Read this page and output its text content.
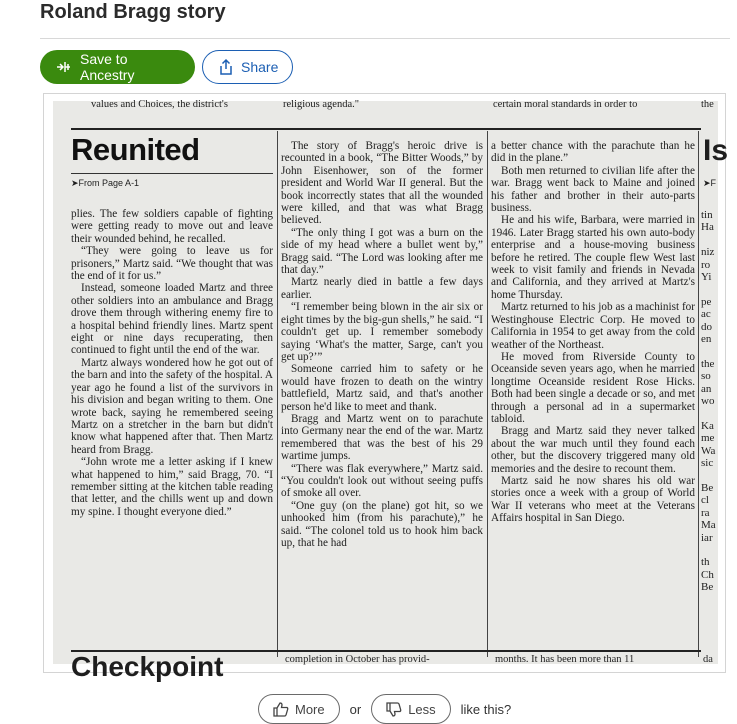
Roland Bragg story
Save to Ancestry	Share
values and Choices, the district's	religious agenda."	certain moral standards in order to	the
Reunited
➤From Page A-1
Is
➤F

plies. The few soldiers capable of fighting were getting ready to move out and leave their wounded behind, he recalled.

“They were going to leave us for prisoners,” Martz said. “We thought that was the end of it for us.”

Instead, someone loaded Martz and three other soldiers into an ambulance and Bragg drove them through withering enemy fire to a hospital behind friendly lines. Martz spent eight or nine days recuperating, then continued to fight until the end of the war.

Martz always wondered how he got out of the barn and into the safety of the hospital. A year ago he found a list of the survivors in his division and began writing to them. One wrote back, saying he remembered seeing Martz on a stretcher in the barn but didn't know what happened after that. Then Martz heard from Bragg.

“John wrote me a letter asking if I knew what happened to him,” said Bragg, 70. “I remember sitting at the kitchen table reading that letter, and the chills went up and down my spine. I thought everyone died.”

The story of Bragg's heroic drive is recounted in a book, “The Bitter Woods,” by John Eisenhower, son of the former president and World War II general. But the book incorrectly states that all the wounded were killed, and that was what Bragg believed.

“The only thing I got was a burn on the side of my head where a bullet went by,” Bragg said. “The Lord was looking after me that day.”

Martz nearly died in battle a few days earlier.

“I remember being blown in the air six or eight times by the big-gun shells,” he said. “I couldn't get up. I remember somebody saying ‘What's the matter, Sarge, can't you get up?’”

Someone carried him to safety or he would have frozen to death on the wintry battlefield, Martz said, and that's another person he'd like to meet and thank.

Bragg and Martz went on to parachute into Germany near the end of the war. Martz remembered that was the best of his 29 wartime jumps.

“There was flak everywhere,” Martz said. “You couldn't look out without seeing puffs of smoke all over.

“One guy (on the plane) got hit, so we unhooked him (from his parachute),” he said. “The colonel told us to hook him back up, that he had

a better chance with the parachute than he did in the plane.”

Both men returned to civilian life after the war. Bragg went back to Maine and joined his father and brother in their auto-parts business.

He and his wife, Barbara, were married in 1946. Later Bragg started his own auto-body enterprise and a house-moving business before he retired. The couple flew West last week to visit family and friends in Nevada and California, and they arrived at Martz's home Thursday.

Martz returned to his job as a machinist for Westinghouse Electric Corp. He moved to California in 1954 to get away from the cold weather of the Northeast.

He moved from Riverside County to Oceanside seven years ago, when he married longtime Oceanside resident Rose Hicks. Both had been single a decade or so, and met through a personal ad in a supermarket tabloid.

Bragg and Martz said they never talked about the war much until they found each other, but the discovery triggered many old memories and the desire to recount them.

Martz said he now shares his old war stories once a week with a group of World War II veterans who meet at the Veterans Affairs hospital in San Diego.

tin
Ha

niz
ro
Yi

pe
ac
do
en

the
so
an
wo

Ka
me
Wa
sic

Be
cl
ra
Ma
iar

th
Ch
Be
Checkpoint	completion in October has provid-	months. It has been more than 11	da
More or	Less like this?
